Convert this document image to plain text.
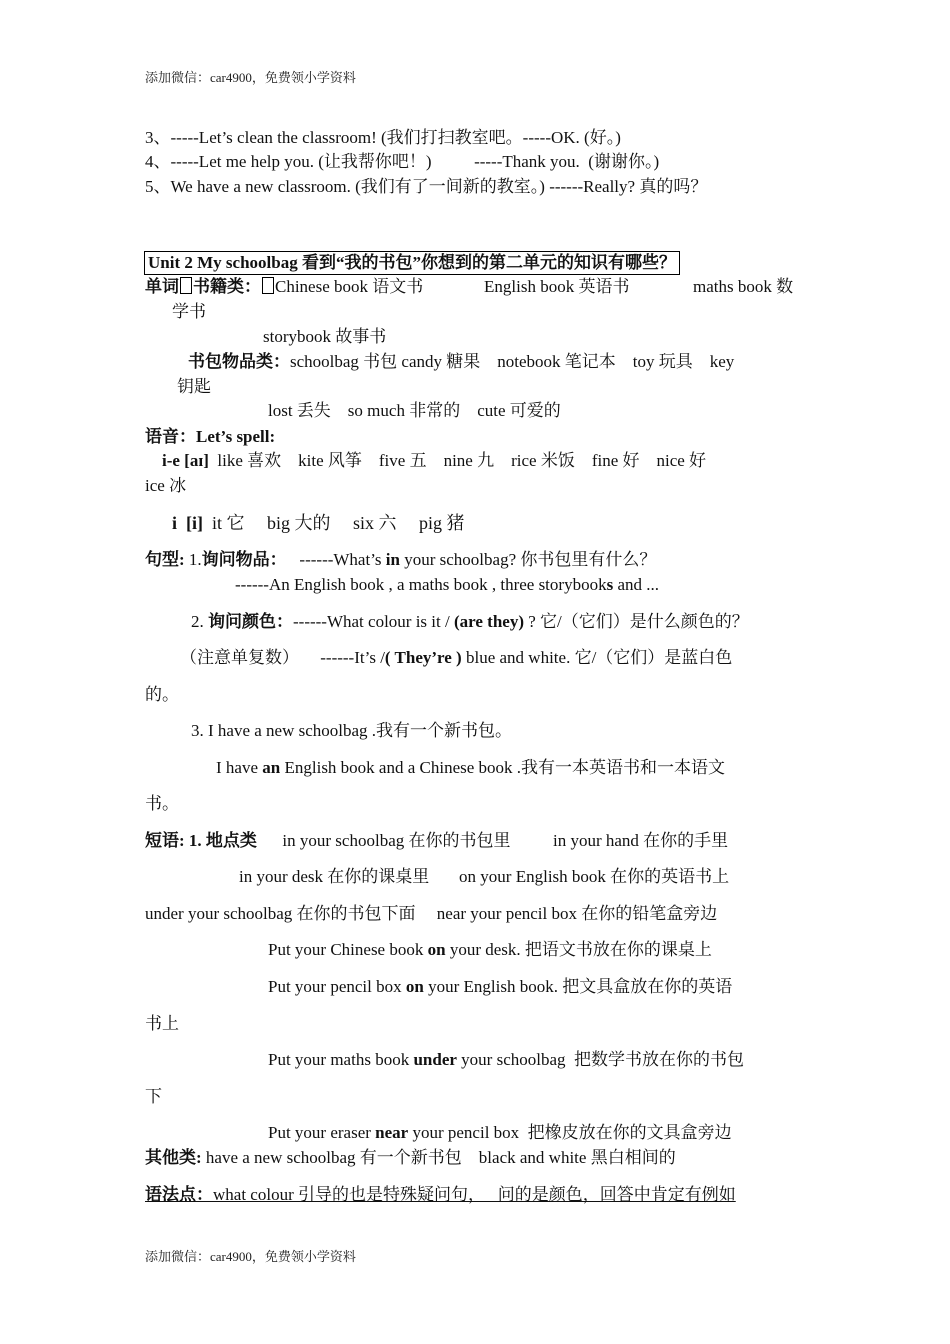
添加微信：car4900，免费领小学资料
3、-----Let’s clean the classroom! (我们打扫教室吧。-----OK. (好。)
4、-----Let me help you. (让我帮你吧！)          -----Thank you.  (谢谢你。)
5、We have a new classroom. (我们有了一间新的教室。) ------Really? 真的吗？
Unit 2 My schoolbag 看到“我的书包”你想到的第二单元的知识有哪些？
单词 书籍类： Chinese book 语文书	English book 英语书	maths book 数
学书
storybook 故事书
书包物品类：schoolbag 书包 candy 糖果    notebook 笔记本    toy 玩具    key
钥匙
lost 丢失    so much 非常的    cute 可爱的
语音：Let’s spell:
i-e [aɪ] like 喜欢    kite 风筝    five 五    nine 九    rice 米饭    fine 好    nice 好
ice 冰
i  [i] it 它     big 大的     six 六     pig 猪
句型: 1.询问物品： ------What’s in your schoolbag? 你书包里有什么？
------An English book , a maths book , three storybooks and ...
2. 询问颜色：------What colour is it / (are they) ? 它/（它们）是什么颜色的？
（注意单复数）     ------It’s /( They’re ) blue and white. 它/（它们）是蓝白色
的。
3. I have a new schoolbag .我有一个新书包。
I have an English book and a Chinese book .我有一本英语书和一本语文
书。
短语: 1. 地点类 in your schoolbag 在你的书包里          in your hand 在你的手里
in your desk 在你的课桌里       on your English book 在你的英语书上
under your schoolbag 在你的书包下面     near your pencil box 在你的铅笔盒旁边
Put your Chinese book on your desk. 把语文书放在你的课桌上
Put your pencil box on your English book. 把文具盒放在你的英语
书上
Put your maths book under your schoolbag  把数学书放在你的书包
下
Put your eraser near your pencil box  把橡皮放在你的文具盒旁边
其他类: have a new schoolbag 有一个新书包    black and white 黑白相间的
语法点：what colour 引导的也是特殊疑问句，   问的是颜色，回答中肯定有例如
添加微信：car4900，免费领小学资料
